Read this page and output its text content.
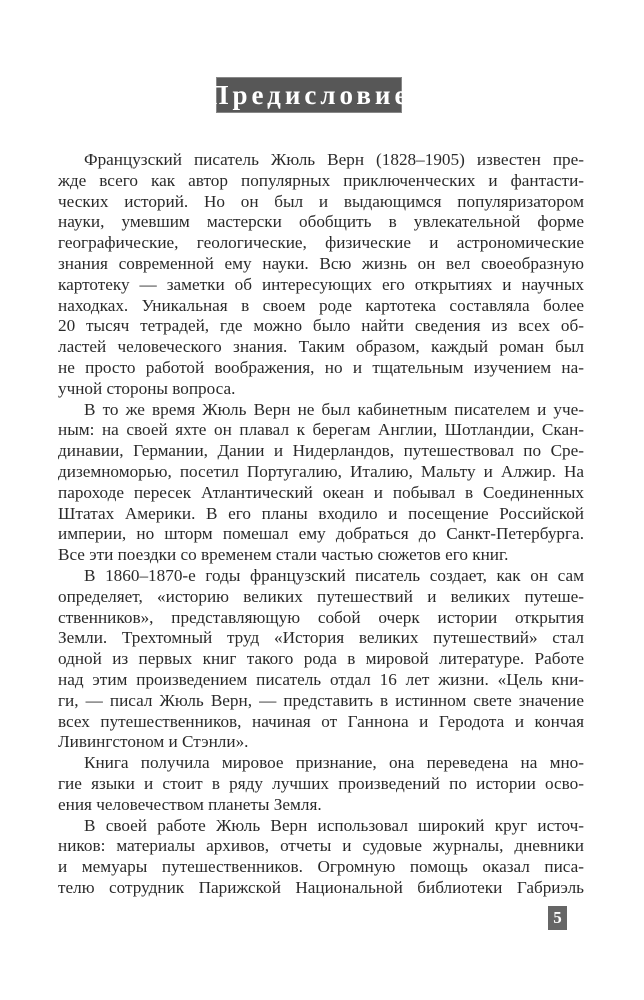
Предисловие
Французский писатель Жюль Верн (1828–1905) известен пре-
жде всего как автор популярных приключенческих и фантасти-
ческих историй. Но он был и выдающимся популяризатором
науки, умевшим мастерски обобщить в увлекательной форме
географические, геологические, физические и астрономические
знания современной ему науки. Всю жизнь он вел своеобразную
картотеку — заметки об интересующих его открытиях и научных
находках. Уникальная в своем роде картотека составляла более
20 тысяч тетрадей, где можно было найти сведения из всех об-
ластей человеческого знания. Таким образом, каждый роман был
не просто работой воображения, но и тщательным изучением на-
учной стороны вопроса.
В то же время Жюль Верн не был кабинетным писателем и уче-
ным: на своей яхте он плавал к берегам Англии, Шотландии, Скан-
динавии, Германии, Дании и Нидерландов, путешествовал по Сре-
диземноморью, посетил Португалию, Италию, Мальту и Алжир. На
пароходе пересек Атлантический океан и побывал в Соединенных
Штатах Америки. В его планы входило и посещение Российской
империи, но шторм помешал ему добраться до Санкт-Петербурга.
Все эти поездки со временем стали частью сюжетов его книг.
В 1860–1870-е годы французский писатель создает, как он сам
определяет, «историю великих путешествий и великих путеше-
ственников», представляющую собой очерк истории открытия
Земли. Трехтомный труд «История великих путешествий» стал
одной из первых книг такого рода в мировой литературе. Работе
над этим произведением писатель отдал 16 лет жизни. «Цель кни-
ги, — писал Жюль Верн, — представить в истинном свете значение
всех путешественников, начиная от Ганнона и Геродота и кончая
Ливингстоном и Стэнли».
Книга получила мировое признание, она переведена на мно-
гие языки и стоит в ряду лучших произведений по истории осво-
ения человечеством планеты Земля.
В своей работе Жюль Верн использовал широкий круг источ-
ников: материалы архивов, отчеты и судовые журналы, дневники
и мемуары путешественников. Огромную помощь оказал писа-
телю сотрудник Парижской Национальной библиотеки Габриэль
5
